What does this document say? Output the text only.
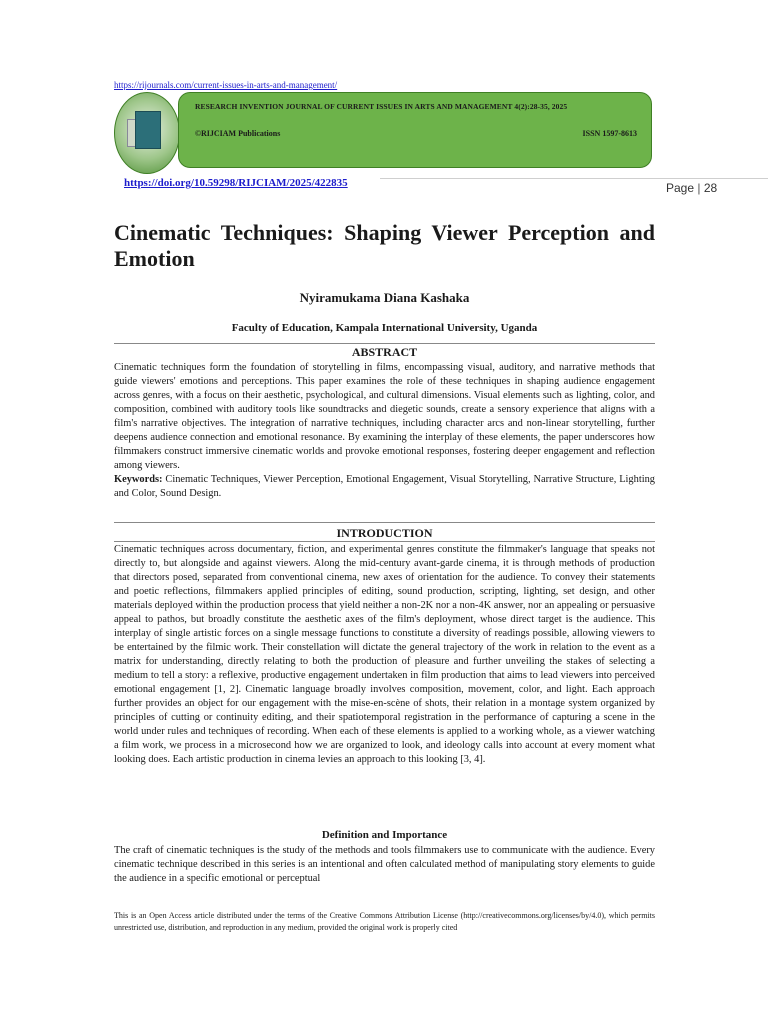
https://rijournals.com/current-issues-in-arts-and-management/
RESEARCH INVENTION JOURNAL OF CURRENT ISSUES IN ARTS AND MANAGEMENT 4(2):28-35, 2025
©RIJCIAM Publications	ISSN 1597-8613
https://doi.org/10.59298/RIJCIAM/2025/422835	Page | 28
Cinematic Techniques: Shaping Viewer Perception and Emotion
Nyiramukama Diana Kashaka
Faculty of Education, Kampala International University, Uganda
ABSTRACT
Cinematic techniques form the foundation of storytelling in films, encompassing visual, auditory, and narrative methods that guide viewers' emotions and perceptions. This paper examines the role of these techniques in shaping audience engagement across genres, with a focus on their aesthetic, psychological, and cultural dimensions. Visual elements such as lighting, color, and composition, combined with auditory tools like soundtracks and diegetic sounds, create a sensory experience that aligns with a film's narrative objectives. The integration of narrative techniques, including character arcs and non-linear storytelling, further deepens audience connection and emotional resonance. By examining the interplay of these elements, the paper underscores how filmmakers construct immersive cinematic worlds and provoke emotional responses, fostering deeper engagement and reflection among viewers.
Keywords: Cinematic Techniques, Viewer Perception, Emotional Engagement, Visual Storytelling, Narrative Structure, Lighting and Color, Sound Design.
INTRODUCTION
Cinematic techniques across documentary, fiction, and experimental genres constitute the filmmaker's language that speaks not directly to, but alongside and against viewers. Along the mid-century avant-garde cinema, it is through methods of production that directors posed, separated from conventional cinema, new axes of orientation for the audience. To convey their statements and poetic reflections, filmmakers applied principles of editing, sound production, scripting, lighting, set design, and other materials deployed within the production process that yield neither a non-2K nor a non-4K answer, nor an appealing or persuasive appeal to pathos, but broadly constitute the aesthetic axes of the film's deployment, whose direct target is the audience. This interplay of single artistic forces on a single message functions to constitute a diversity of readings possible, allowing viewers to be entertained by the filmic work. Their constellation will dictate the general trajectory of the work in relation to the event as a matrix for understanding, directly relating to both the production of pleasure and further unveiling the stakes of selecting a medium to tell a story: a reflexive, productive engagement undertaken in film production that aims to lead viewers into perceived emotional engagement [1, 2]. Cinematic language broadly involves composition, movement, color, and light. Each approach further provides an object for our engagement with the mise-en-scène of shots, their relation in a montage system organized by principles of cutting or continuity editing, and their spatiotemporal registration in the performance of capturing a scene in the world under rules and techniques of recording. When each of these elements is applied to a working whole, as a viewer watching a film work, we process in a microsecond how we are organized to look, and ideology calls into account at every moment what looking does. Each artistic production in cinema levies an approach to this looking [3, 4].
Definition and Importance
The craft of cinematic techniques is the study of the methods and tools filmmakers use to communicate with the audience. Every cinematic technique described in this series is an intentional and often calculated method of manipulating story elements to guide the audience in a specific emotional or perceptual
This is an Open Access article distributed under the terms of the Creative Commons Attribution License (http://creativecommons.org/licenses/by/4.0), which permits unrestricted use, distribution, and reproduction in any medium, provided the original work is properly cited
